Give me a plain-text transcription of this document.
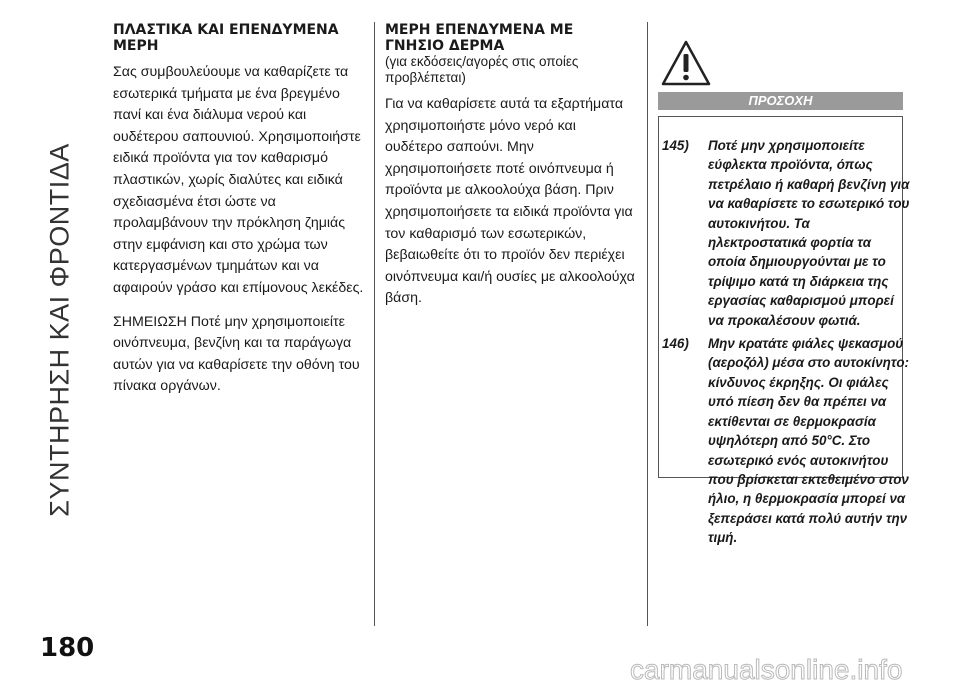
ΣΥΝΤΗΡΗΣΗ ΚΑΙ ΦΡΟΝΤΙΔΑ
ΠΛΑΣΤΙΚΑ ΚΑΙ ΕΠΕΝΔΥΜΕΝΑ ΜΕΡΗ

Σας συμβουλεύουμε να καθαρίζετε τα εσωτερικά τμήματα με ένα βρεγμένο πανί και ένα διάλυμα νερού και ουδέτερου σαπουνιού. Χρησιμοποιήστε ειδικά προϊόντα για τον καθαρισμό πλαστικών, χωρίς διαλύτες και ειδικά σχεδιασμένα έτσι ώστε να προλαμβάνουν την πρόκληση ζημιάς στην εμφάνιση και στο χρώμα των κατεργασμένων τμημάτων και να αφαιρούν γράσο και επίμονους λεκέδες.

ΣΗΜΕΙΩΣΗ Ποτέ μην χρησιμοποιείτε οινόπνευμα, βενζίνη και τα παράγωγα αυτών για να καθαρίσετε την οθόνη του πίνακα οργάνων.

ΜΕΡΗ ΕΠΕΝΔΥΜΕΝΑ ΜΕ ΓΝΗΣΙΟ ΔΕΡΜΑ
(για εκδόσεις/αγορές στις οποίες προβλέπεται)

Για να καθαρίσετε αυτά τα εξαρτήματα χρησιμοποιήστε μόνο νερό και ουδέτερο σαπούνι. Μην χρησιμοποιήσετε ποτέ οινόπνευμα ή προϊόντα με αλκοολούχα βάση. Πριν χρησιμοποιήσετε τα ειδικά προϊόντα για τον καθαρισμό των εσωτερικών, βεβαιωθείτε ότι το προϊόν δεν περιέχει οινόπνευμα και/ή ουσίες με αλκοολούχα βάση.

ΠΡΟΣΟΧΗ
145)	Ποτέ μην χρησιμοποιείτε εύφλεκτα προϊόντα, όπως πετρέλαιο ή καθαρή βενζίνη για να καθαρίσετε το εσωτερικό του αυτοκινήτου. Τα ηλεκτροστατικά φορτία τα οποία δημιουργούνται με το τρίψιμο κατά τη διάρκεια της εργασίας καθαρισμού μπορεί να προκαλέσουν φωτιά.
146)	Μην κρατάτε φιάλες ψεκασμού (αεροζόλ) μέσα στο αυτοκίνητο: κίνδυνος έκρηξης. Οι φιάλες υπό πίεση δεν θα πρέπει να εκτίθενται σε θερμοκρασία υψηλότερη από 50°C. Στο εσωτερικό ενός αυτοκινήτου που βρίσκεται εκτεθειμένο στον ήλιο, η θερμοκρασία μπορεί να ξεπεράσει κατά πολύ αυτήν την τιμή.
180
carmanualsonline.info
